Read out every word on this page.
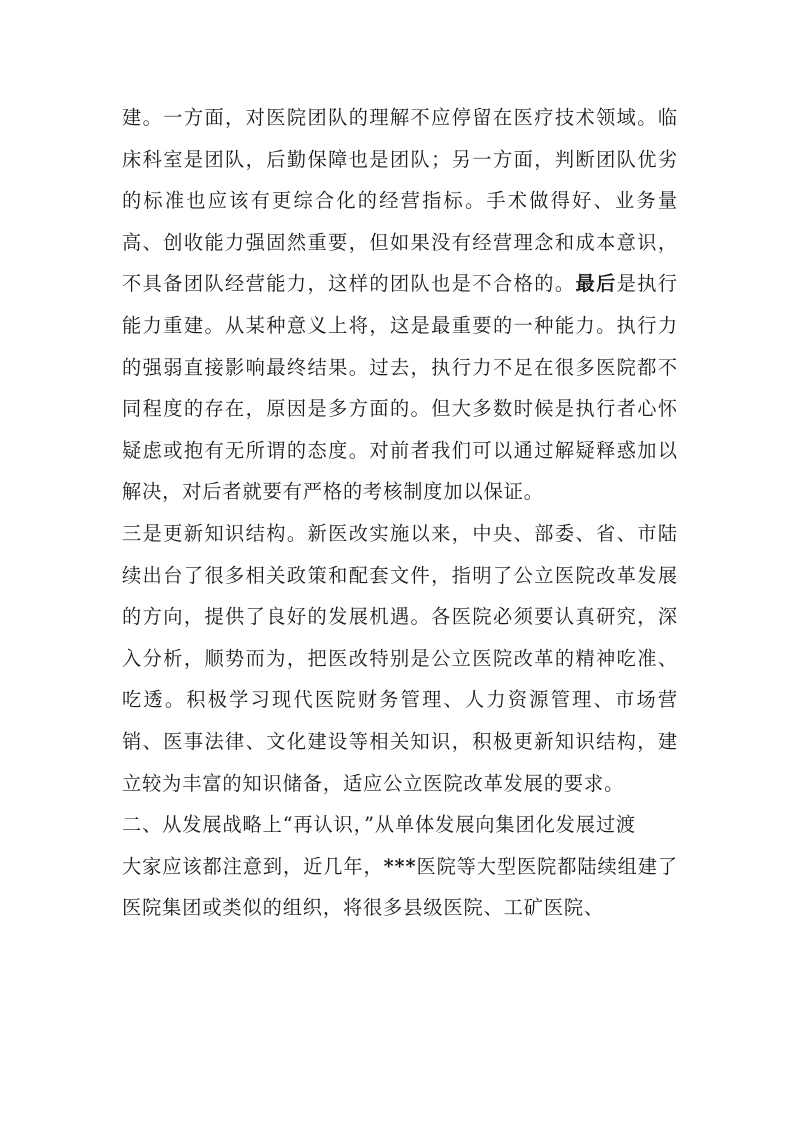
建。一方面，对医院团队的理解不应停留在医疗技术领域。临床科室是团队，后勤保障也是团队；另一方面，判断团队优劣的标准也应该有更综合化的经营指标。手术做得好、业务量高、创收能力强固然重要，但如果没有经营理念和成本意识，不具备团队经营能力，这样的团队也是不合格的。最后是执行能力重建。从某种意义上将，这是最重要的一种能力。执行力的强弱直接影响最终结果。过去，执行力不足在很多医院都不同程度的存在，原因是多方面的。但大多数时候是执行者心怀疑虑或抱有无所谓的态度。对前者我们可以通过解疑释惑加以解决，对后者就要有严格的考核制度加以保证。

三是更新知识结构。新医改实施以来，中央、部委、省、市陆续出台了很多相关政策和配套文件，指明了公立医院改革发展的方向，提供了良好的发展机遇。各医院必须要认真研究，深入分析，顺势而为，把医改特别是公立医院改革的精神吃准、吃透。积极学习现代医院财务管理、人力资源管理、市场营销、医事法律、文化建设等相关知识，积极更新知识结构，建立较为丰富的知识储备，适应公立医院改革发展的要求。

二、从发展战略上“再认识，”从单体发展向集团化发展过渡

大家应该都注意到，近几年，***医院等大型医院都陆续组建了医院集团或类似的组织，将很多县级医院、工矿医院、
